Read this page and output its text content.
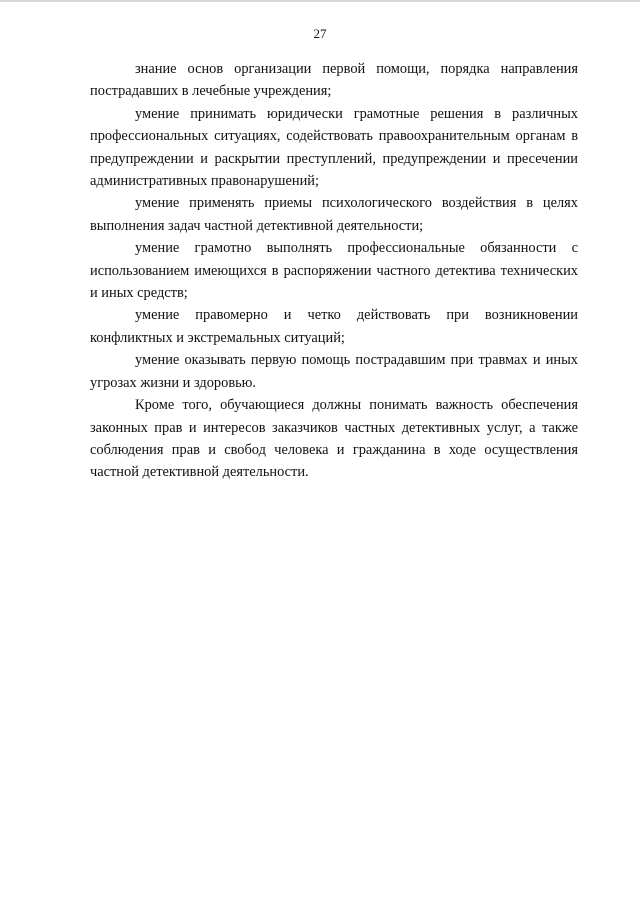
27

знание основ организации первой помощи, порядка направления пострадавших в лечебные учреждения;

умение принимать юридически грамотные решения в различных профессиональных ситуациях, содействовать правоохранительным органам в предупреждении и раскрытии преступлений, предупреждении и пресечении административных правонарушений;

умение применять приемы психологического воздействия в целях выполнения задач частной детективной деятельности;

умение грамотно выполнять профессиональные обязанности с использованием имеющихся в распоряжении частного детектива технических и иных средств;

умение правомерно и четко действовать при возникновении конфликтных и экстремальных ситуаций;

умение оказывать первую помощь пострадавшим при травмах и иных угрозах жизни и здоровью.

Кроме того, обучающиеся должны понимать важность обеспечения законных прав и интересов заказчиков частных детективных услуг, а также соблюдения прав и свобод человека и гражданина в ходе осуществления частной детективной деятельности.
